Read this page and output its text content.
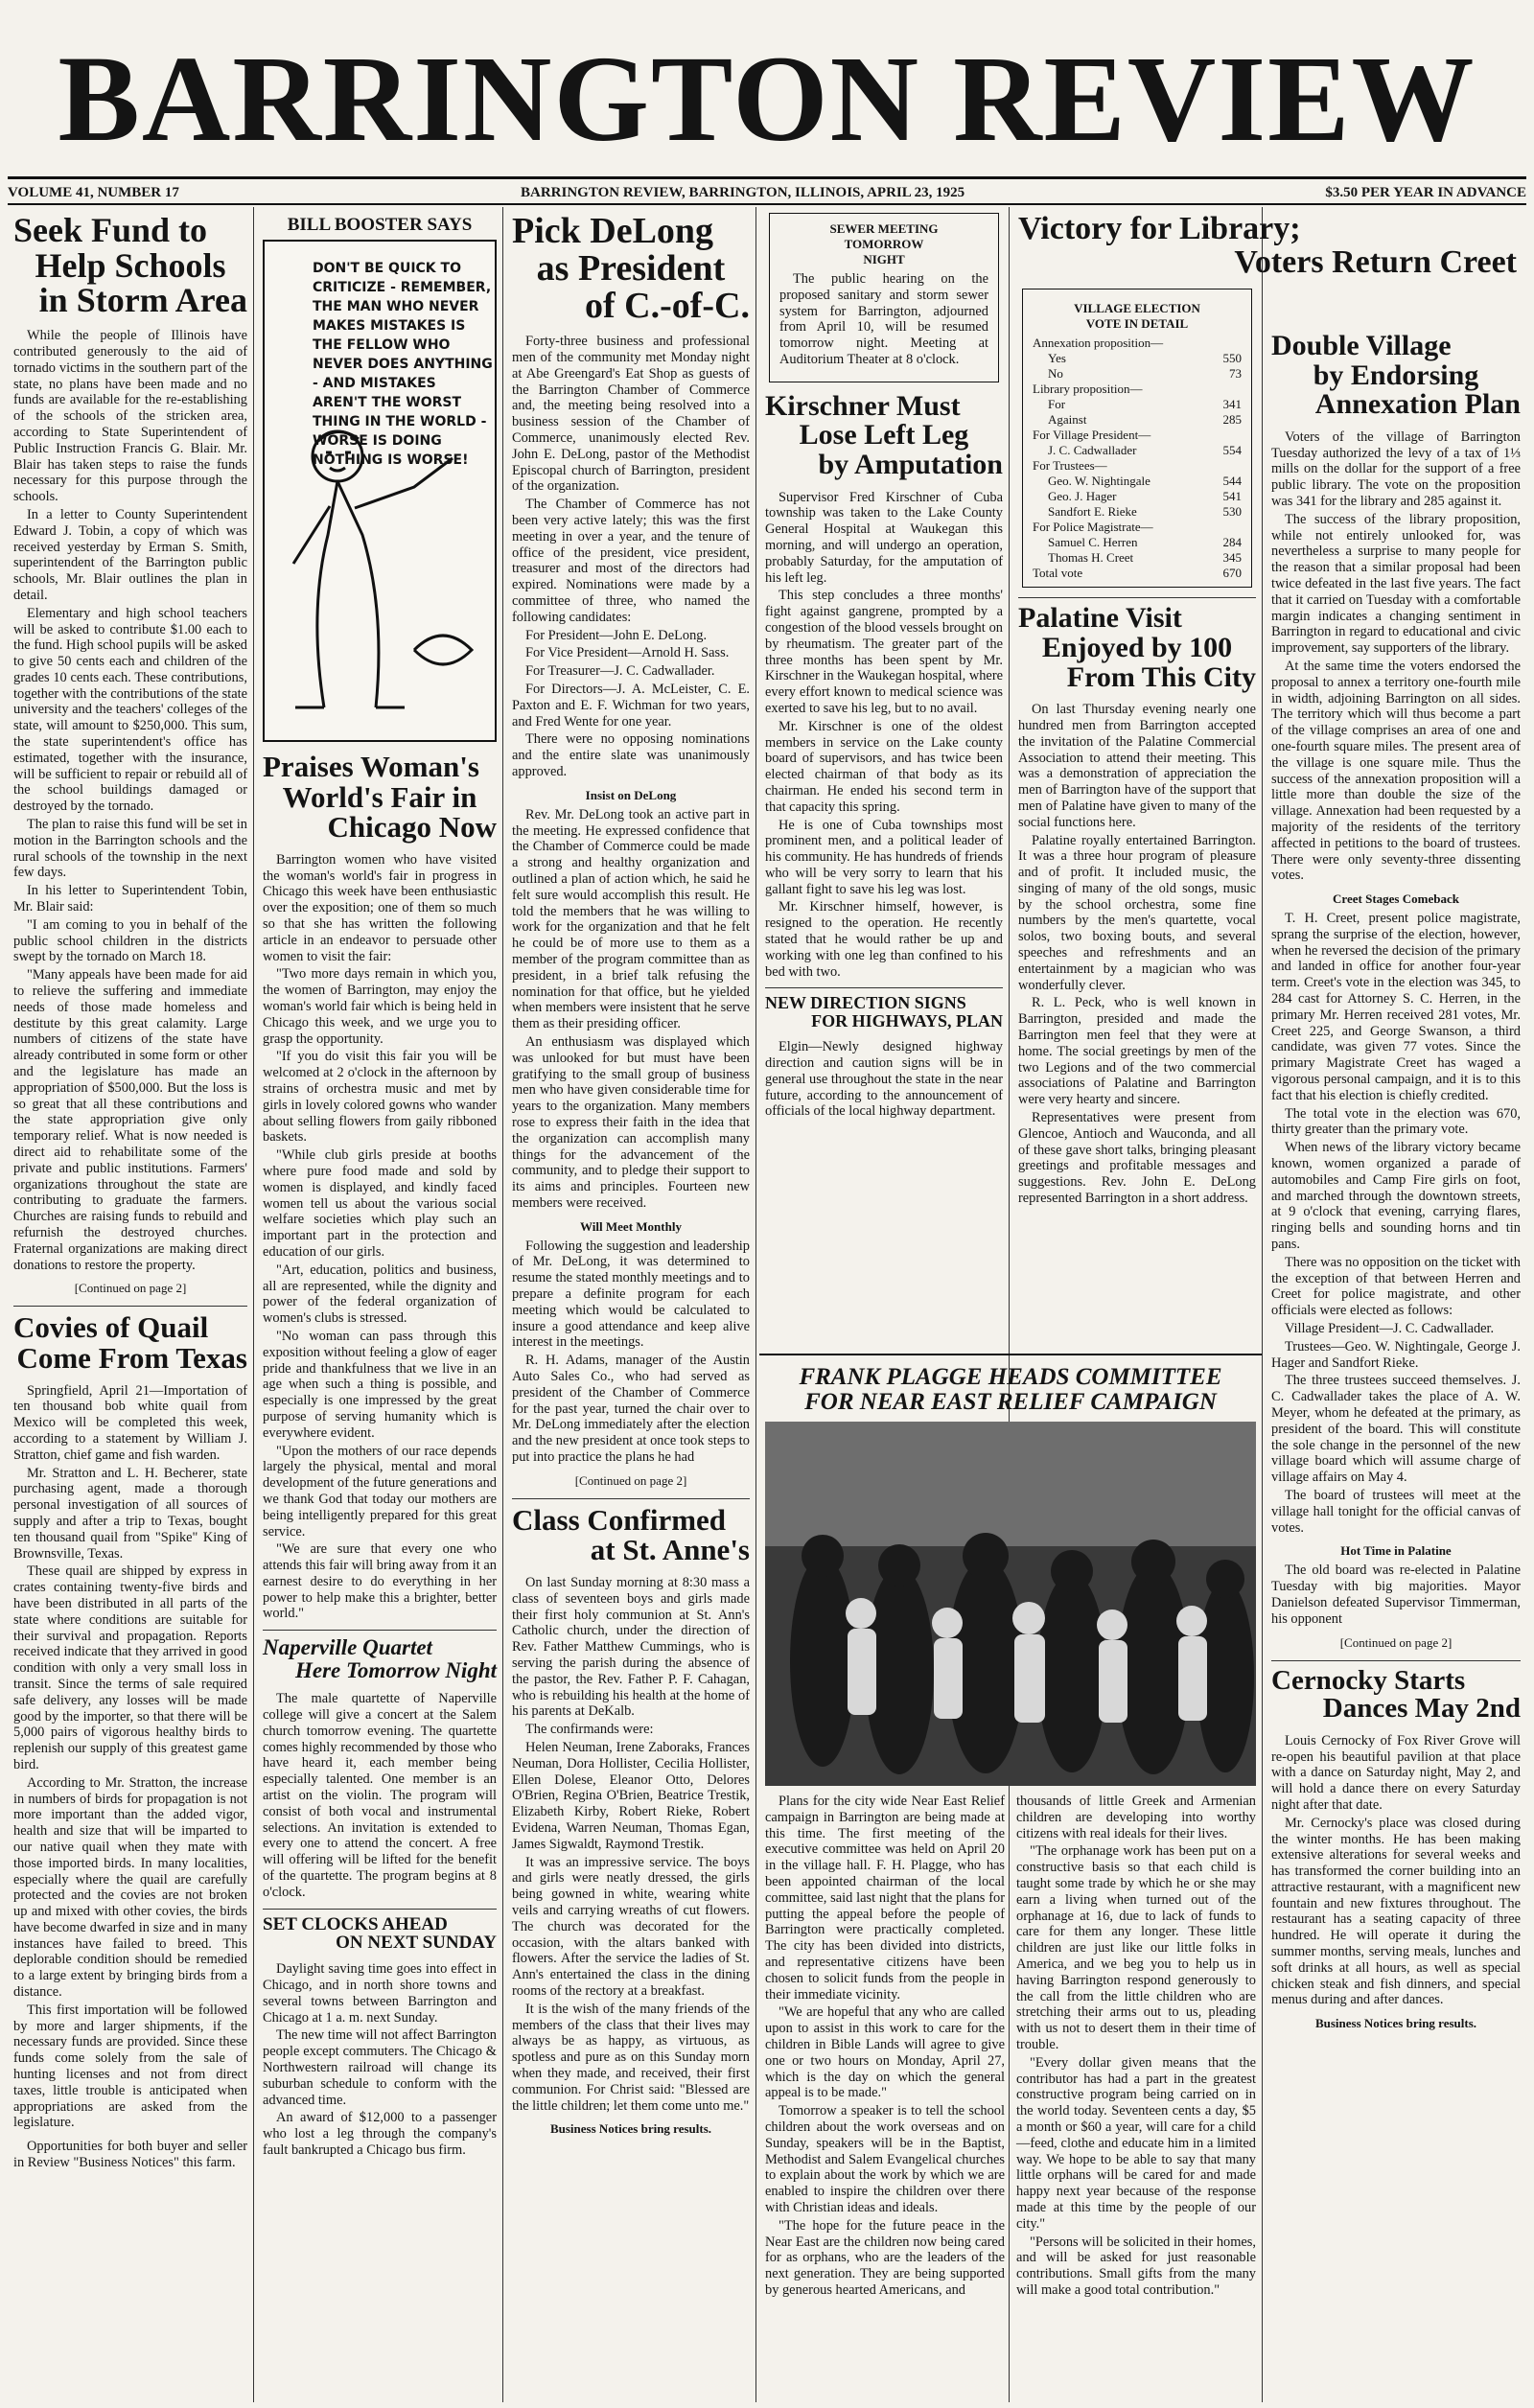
BARRINGTON REVIEW
VOLUME 41, NUMBER 17	BARRINGTON REVIEW, BARRINGTON, ILLINOIS, APRIL 23, 1925	$3.50 PER YEAR IN ADVANCE
Seek Fund to
Help Schools
in Storm Area

While the people of Illinois have contributed generously to the aid of tornado victims in the southern part of the state, no plans have been made and no funds are available for the re-establishing of the schools of the stricken area, according to State Superintendent of Public Instruction Francis G. Blair. Mr. Blair has taken steps to raise the funds necessary for this purpose through the schools.

In a letter to County Superintendent Edward J. Tobin, a copy of which was received yesterday by Erman S. Smith, superintendent of the Barrington public schools, Mr. Blair outlines the plan in detail.

Elementary and high school teachers will be asked to contribute $1.00 each to the fund. High school pupils will be asked to give 50 cents each and children of the grades 10 cents each. These contributions, together with the contributions of the state university and the teachers' colleges of the state, will amount to $250,000. This sum, the state superintendent's office has estimated, together with the insurance, will be sufficient to repair or rebuild all of the school buildings damaged or destroyed by the tornado.

The plan to raise this fund will be set in motion in the Barrington schools and the rural schools of the township in the next few days.

In his letter to Superintendent Tobin, Mr. Blair said:

"I am coming to you in behalf of the public school children in the districts swept by the tornado on March 18.

"Many appeals have been made for aid to relieve the suffering and immediate needs of those made homeless and destitute by this great calamity. Large numbers of citizens of the state have already contributed in some form or other and the legislature has made an appropriation of $500,000. But the loss is so great that all these contributions and the state appropriation give only temporary relief. What is now needed is direct aid to rehabilitate some of the private and public institutions. Farmers' organizations throughout the state are contributing to graduate the farmers. Churches are raising funds to rebuild and refurnish the destroyed churches. Fraternal organizations are making direct donations to restore the property.

[Continued on page 2]
Covies of Quail
Come From Texas

Springfield, April 21—Importation of ten thousand bob white quail from Mexico will be completed this week, according to a statement by William J. Stratton, chief game and fish warden.

Mr. Stratton and L. H. Becherer, state purchasing agent, made a thorough personal investigation of all sources of supply and after a trip to Texas, bought ten thousand quail from "Spike" King of Brownsville, Texas.

These quail are shipped by express in crates containing twenty-five birds and have been distributed in all parts of the state where conditions are suitable for their survival and propagation. Reports received indicate that they arrived in good condition with only a very small loss in transit. Since the terms of sale required safe delivery, any losses will be made good by the importer, so that there will be 5,000 pairs of vigorous healthy birds to replenish our supply of this greatest game bird.

According to Mr. Stratton, the increase in numbers of birds for propagation is not more important than the added vigor, health and size that will be imparted to our native quail when they mate with those imported birds. In many localities, especially where the quail are carefully protected and the covies are not broken up and mixed with other covies, the birds have become dwarfed in size and in many instances have failed to breed. This deplorable condition should be remedied to a large extent by bringing birds from a distance.

This first importation will be followed by more and larger shipments, if the necessary funds are provided. Since these funds come solely from the sale of hunting licenses and not from direct taxes, little trouble is anticipated when appropriations are asked from the legislature.

Opportunities for both buyer and seller in Review "Business Notices" this farm.
BILL BOOSTER SAYS
DON'T BE QUICK TO CRITICIZE - REMEMBER, THE MAN WHO NEVER MAKES MISTAKES IS THE FELLOW WHO NEVER DOES ANYTHING - AND MISTAKES AREN'T THE WORST THING IN THE WORLD - WORSE IS DOING NOTHING IS WORSE!
Praises Woman's
World's Fair in
Chicago Now

Barrington women who have visited the woman's world's fair in progress in Chicago this week have been enthusiastic over the exposition; one of them so much so that she has written the following article in an endeavor to persuade other women to visit the fair:

"Two more days remain in which you, the women of Barrington, may enjoy the woman's world fair which is being held in Chicago this week, and we urge you to grasp the opportunity.

"If you do visit this fair you will be welcomed at 2 o'clock in the afternoon by strains of orchestra music and met by girls in lovely colored gowns who wander about selling flowers from gaily ribboned baskets.

"While club girls preside at booths where pure food made and sold by women is displayed, and kindly faced women tell us about the various social welfare societies which play such an important part in the protection and education of our girls.

"Art, education, politics and business, all are represented, while the dignity and power of the federal organization of women's clubs is stressed.

"No woman can pass through this exposition without feeling a glow of eager pride and thankfulness that we live in an age when such a thing is possible, and especially is one impressed by the great purpose of serving humanity which is everywhere evident.

"Upon the mothers of our race depends largely the physical, mental and moral development of the future generations and we thank God that today our mothers are being intelligently prepared for this great service.

"We are sure that every one who attends this fair will bring away from it an earnest desire to do everything in her power to help make this a brighter, better world."

Naperville Quartet
Here Tomorrow Night

The male quartette of Naperville college will give a concert at the Salem church tomorrow evening. The quartette comes highly recommended by those who have heard it, each member being especially talented. One member is an artist on the violin. The program will consist of both vocal and instrumental selections. An invitation is extended to every one to attend the concert. A free will offering will be lifted for the benefit of the quartette. The program begins at 8 o'clock.

SET CLOCKS AHEAD
ON NEXT SUNDAY

Daylight saving time goes into effect in Chicago, and in north shore towns and several towns between Barrington and Chicago at 1 a. m. next Sunday.

The new time will not affect Barrington people except commuters. The Chicago & Northwestern railroad will change its suburban schedule to conform with the advanced time.

An award of $12,000 to a passenger who lost a leg through the company's fault bankrupted a Chicago bus firm.

Pick DeLong
as President
of C.-of-C.

Forty-three business and professional men of the community met Monday night at Abe Greengard's Eat Shop as guests of the Barrington Chamber of Commerce and, the meeting being resolved into a business session of the Chamber of Commerce, unanimously elected Rev. John E. DeLong, pastor of the Methodist Episcopal church of Barrington, president of the organization.

The Chamber of Commerce has not been very active lately; this was the first meeting in over a year, and the tenure of office of the president, vice president, treasurer and most of the directors had expired. Nominations were made by a committee of three, who named the following candidates:

For President—John E. DeLong.

For Vice President—Arnold H. Sass.

For Treasurer—J. C. Cadwallader.

For Directors—J. A. McLeister, C. E. Paxton and E. F. Wichman for two years, and Fred Wente for one year.

There were no opposing nominations and the entire slate was unanimously approved.

Insist on DeLong

Rev. Mr. DeLong took an active part in the meeting. He expressed confidence that the Chamber of Commerce could be made a strong and healthy organization and outlined a plan of action which, he said he felt sure would accomplish this result. He told the members that he was willing to work for the organization and that he felt he could be of more use to them as a member of the program committee than as president, in a brief talk refusing the nomination for that office, but he yielded when members were insistent that he serve them as their presiding officer.

An enthusiasm was displayed which was unlooked for but must have been gratifying to the small group of business men who have given considerable time for years to the organization. Many members rose to express their faith in the idea that the organization can accomplish many things for the advancement of the community, and to pledge their support to its aims and principles. Fourteen new members were received.

Will Meet Monthly

Following the suggestion and leadership of Mr. DeLong, it was determined to resume the stated monthly meetings and to prepare a definite program for each meeting which would be calculated to insure a good attendance and keep alive interest in the meetings.

R. H. Adams, manager of the Austin Auto Sales Co., who had served as president of the Chamber of Commerce for the past year, turned the chair over to Mr. DeLong immediately after the election and the new president at once took steps to put into practice the plans he had

[Continued on page 2]
Class Confirmed
at St. Anne's

On last Sunday morning at 8:30 mass a class of seventeen boys and girls made their first holy communion at St. Ann's Catholic church, under the direction of Rev. Father Matthew Cummings, who is serving the parish during the absence of the pastor, the Rev. Father P. F. Cahagan, who is rebuilding his health at the home of his parents at DeKalb.

The confirmands were:

Helen Neuman, Irene Zaboraks, Frances Neuman, Dora Hollister, Cecilia Hollister, Ellen Dolese, Eleanor Otto, Delores O'Brien, Regina O'Brien, Beatrice Trestik, Elizabeth Kirby, Robert Rieke, Robert Evidena, Warren Neuman, Thomas Egan, James Sigwaldt, Raymond Trestik.

It was an impressive service. The boys and girls were neatly dressed, the girls being gowned in white, wearing white veils and carrying wreaths of cut flowers. The church was decorated for the occasion, with the altars banked with flowers. After the service the ladies of St. Ann's entertained the class in the dining rooms of the rectory at a breakfast.

It is the wish of the many friends of the members of the class that their lives may always be as happy, as virtuous, as spotless and pure as on this Sunday morn when they made, and received, their first communion. For Christ said: "Blessed are the little children; let them come unto me."

Business Notices bring results.
SEWER MEETING
TOMORROW
NIGHT
The public hearing on the proposed sanitary and storm sewer system for Barrington, adjourned from April 10, will be resumed tomorrow night. Meeting at Auditorium Theater at 8 o'clock.
Kirschner Must
Lose Left Leg
by Amputation

Supervisor Fred Kirschner of Cuba township was taken to the Lake County General Hospital at Waukegan this morning, and will undergo an operation, probably Saturday, for the amputation of his left leg.

This step concludes a three months' fight against gangrene, prompted by a congestion of the blood vessels brought on by rheumatism. The greater part of the three months has been spent by Mr. Kirschner in the Waukegan hospital, where every effort known to medical science was exerted to save his leg, but to no avail.

Mr. Kirschner is one of the oldest members in service on the Lake county board of supervisors, and has twice been elected chairman of that body as its chairman. He ended his second term in that capacity this spring.

He is one of Cuba townships most prominent men, and a political leader of his community. He has hundreds of friends who will be very sorry to learn that his gallant fight to save his leg was lost.

Mr. Kirschner himself, however, is resigned to the operation. He recently stated that he would rather be up and working with one leg than confined to his bed with two.

NEW DIRECTION SIGNS
FOR HIGHWAYS, PLAN

Elgin—Newly designed highway direction and caution signs will be in general use throughout the state in the near future, according to the announcement of officials of the local highway department.

Victory for Library;
Voters Return Creet
VILLAGE ELECTION
VOTE IN DETAIL
Annexation proposition—
Yes	550
No	73
Library proposition—
For	341
Against	285
For Village President—
J. C. Cadwallader	554
For Trustees—
Geo. W. Nightingale	544
Geo. J. Hager	541
Sandfort E. Rieke	530
For Police Magistrate—
Samuel C. Herren	284
Thomas H. Creet	345
Total vote	670
Palatine Visit
Enjoyed by 100
From This City

On last Thursday evening nearly one hundred men from Barrington accepted the invitation of the Palatine Commercial Association to attend their meeting. This was a demonstration of appreciation the men of Barrington have of the support that men of Palatine have given to many of the social functions here.

Palatine royally entertained Barrington. It was a three hour program of pleasure and of profit. It included music, the singing of many of the old songs, music by the school orchestra, some fine numbers by the men's quartette, vocal solos, two boxing bouts, and several speeches and refreshments and an entertainment by a magician who was wonderfully clever.

R. L. Peck, who is well known in Barrington, presided and made the Barrington men feel that they were at home. The social greetings by men of the two Legions and of the two commercial associations of Palatine and Barrington were very hearty and sincere.

Representatives were present from Glencoe, Antioch and Wauconda, and all of these gave short talks, bringing pleasant greetings and profitable messages and suggestions. Rev. John E. DeLong represented Barrington in a short address.

Double Village
by Endorsing
Annexation Plan

Voters of the village of Barrington Tuesday authorized the levy of a tax of 1⅓ mills on the dollar for the support of a free public library. The vote on the proposition was 341 for the library and 285 against it.

The success of the library proposition, while not entirely unlooked for, was nevertheless a surprise to many people for the reason that a similar proposal had been twice defeated in the last five years. The fact that it carried on Tuesday with a comfortable margin indicates a changing sentiment in Barrington in regard to educational and civic improvement, say supporters of the library.

At the same time the voters endorsed the proposal to annex a territory one-fourth mile in width, adjoining Barrington on all sides. The territory which will thus become a part of the village comprises an area of one and one-fourth square miles. The present area of the village is one square mile. Thus the success of the annexation proposition will a little more than double the size of the village. Annexation had been requested by a majority of the residents of the territory affected in petitions to the board of trustees. There were only seventy-three dissenting votes.

Creet Stages Comeback

T. H. Creet, present police magistrate, sprang the surprise of the election, however, when he reversed the decision of the primary and landed in office for another four-year term. Creet's vote in the election was 345, to 284 cast for Attorney S. C. Herren, in the primary Mr. Herren received 281 votes, Mr. Creet 225, and George Swanson, a third candidate, was given 77 votes. Since the primary Magistrate Creet has waged a vigorous personal campaign, and it is to this fact that his election is chiefly credited.

The total vote in the election was 670, thirty greater than the primary vote.

When news of the library victory became known, women organized a parade of automobiles and Camp Fire girls on foot, and marched through the downtown streets, at 9 o'clock that evening, carrying flares, ringing bells and sounding horns and tin pans.

There was no opposition on the ticket with the exception of that between Herren and Creet for police magistrate, and other officials were elected as follows:

Village President—J. C. Cadwallader.

Trustees—Geo. W. Nightingale, George J. Hager and Sandfort Rieke.

The three trustees succeed themselves. J. C. Cadwallader takes the place of A. W. Meyer, whom he defeated at the primary, as president of the board. This will constitute the sole change in the personnel of the new village board which will assume charge of village affairs on May 4.

The board of trustees will meet at the village hall tonight for the official canvas of votes.

Hot Time in Palatine

The old board was re-elected in Palatine Tuesday with big majorities. Mayor Danielson defeated Supervisor Timmerman, his opponent

[Continued on page 2]
Cernocky Starts
Dances May 2nd

Louis Cernocky of Fox River Grove will re-open his beautiful pavilion at that place with a dance on Saturday night, May 2, and will hold a dance there on every Saturday night after that date.

Mr. Cernocky's place was closed during the winter months. He has been making extensive alterations for several weeks and has transformed the corner building into an attractive restaurant, with a magnificent new fountain and new fixtures throughout. The restaurant has a seating capacity of three hundred. He will operate it during the summer months, serving meals, lunches and soft drinks at all hours, as well as special chicken steak and fish dinners, and special menus during and after dances.

Business Notices bring results.
FRANK PLAGGE HEADS COMMITTEE
FOR NEAR EAST RELIEF CAMPAIGN

Plans for the city wide Near East Relief campaign in Barrington are being made at this time. The first meeting of the executive committee was held on April 20 in the village hall. F. H. Plagge, who has been appointed chairman of the local committee, said last night that the plans for putting the appeal before the people of Barrington were practically completed. The city has been divided into districts, and representative citizens have been chosen to solicit funds from the people in their immediate vicinity.

"We are hopeful that any who are called upon to assist in this work to care for the children in Bible Lands will agree to give one or two hours on Monday, April 27, which is the day on which the general appeal is to be made."

Tomorrow a speaker is to tell the school children about the work overseas and on Sunday, speakers will be in the Baptist, Methodist and Salem Evangelical churches to explain about the work by which we are enabled to inspire the children over there with Christian ideas and ideals.

"The hope for the future peace in the Near East are the children now being cared for as orphans, who are the leaders of the next generation. They are being supported by generous hearted Americans, and

thousands of little Greek and Armenian children are developing into worthy citizens with real ideals for their lives.

"The orphanage work has been put on a constructive basis so that each child is taught some trade by which he or she may earn a living when turned out of the orphanage at 16, due to lack of funds to care for them any longer. These little children are just like our little folks in America, and we beg you to help us in having Barrington respond generously to the call from the little children who are stretching their arms out to us, pleading with us not to desert them in their time of trouble.

"Every dollar given means that the contributor has had a part in the greatest constructive program being carried on in the world today. Seventeen cents a day, $5 a month or $60 a year, will care for a child—feed, clothe and educate him in a limited way. We hope to be able to say that many little orphans will be cared for and made happy next year because of the response made at this time by the people of our city."

"Persons will be solicited in their homes, and will be asked for just reasonable contributions. Small gifts from the many will make a good total contribution."
